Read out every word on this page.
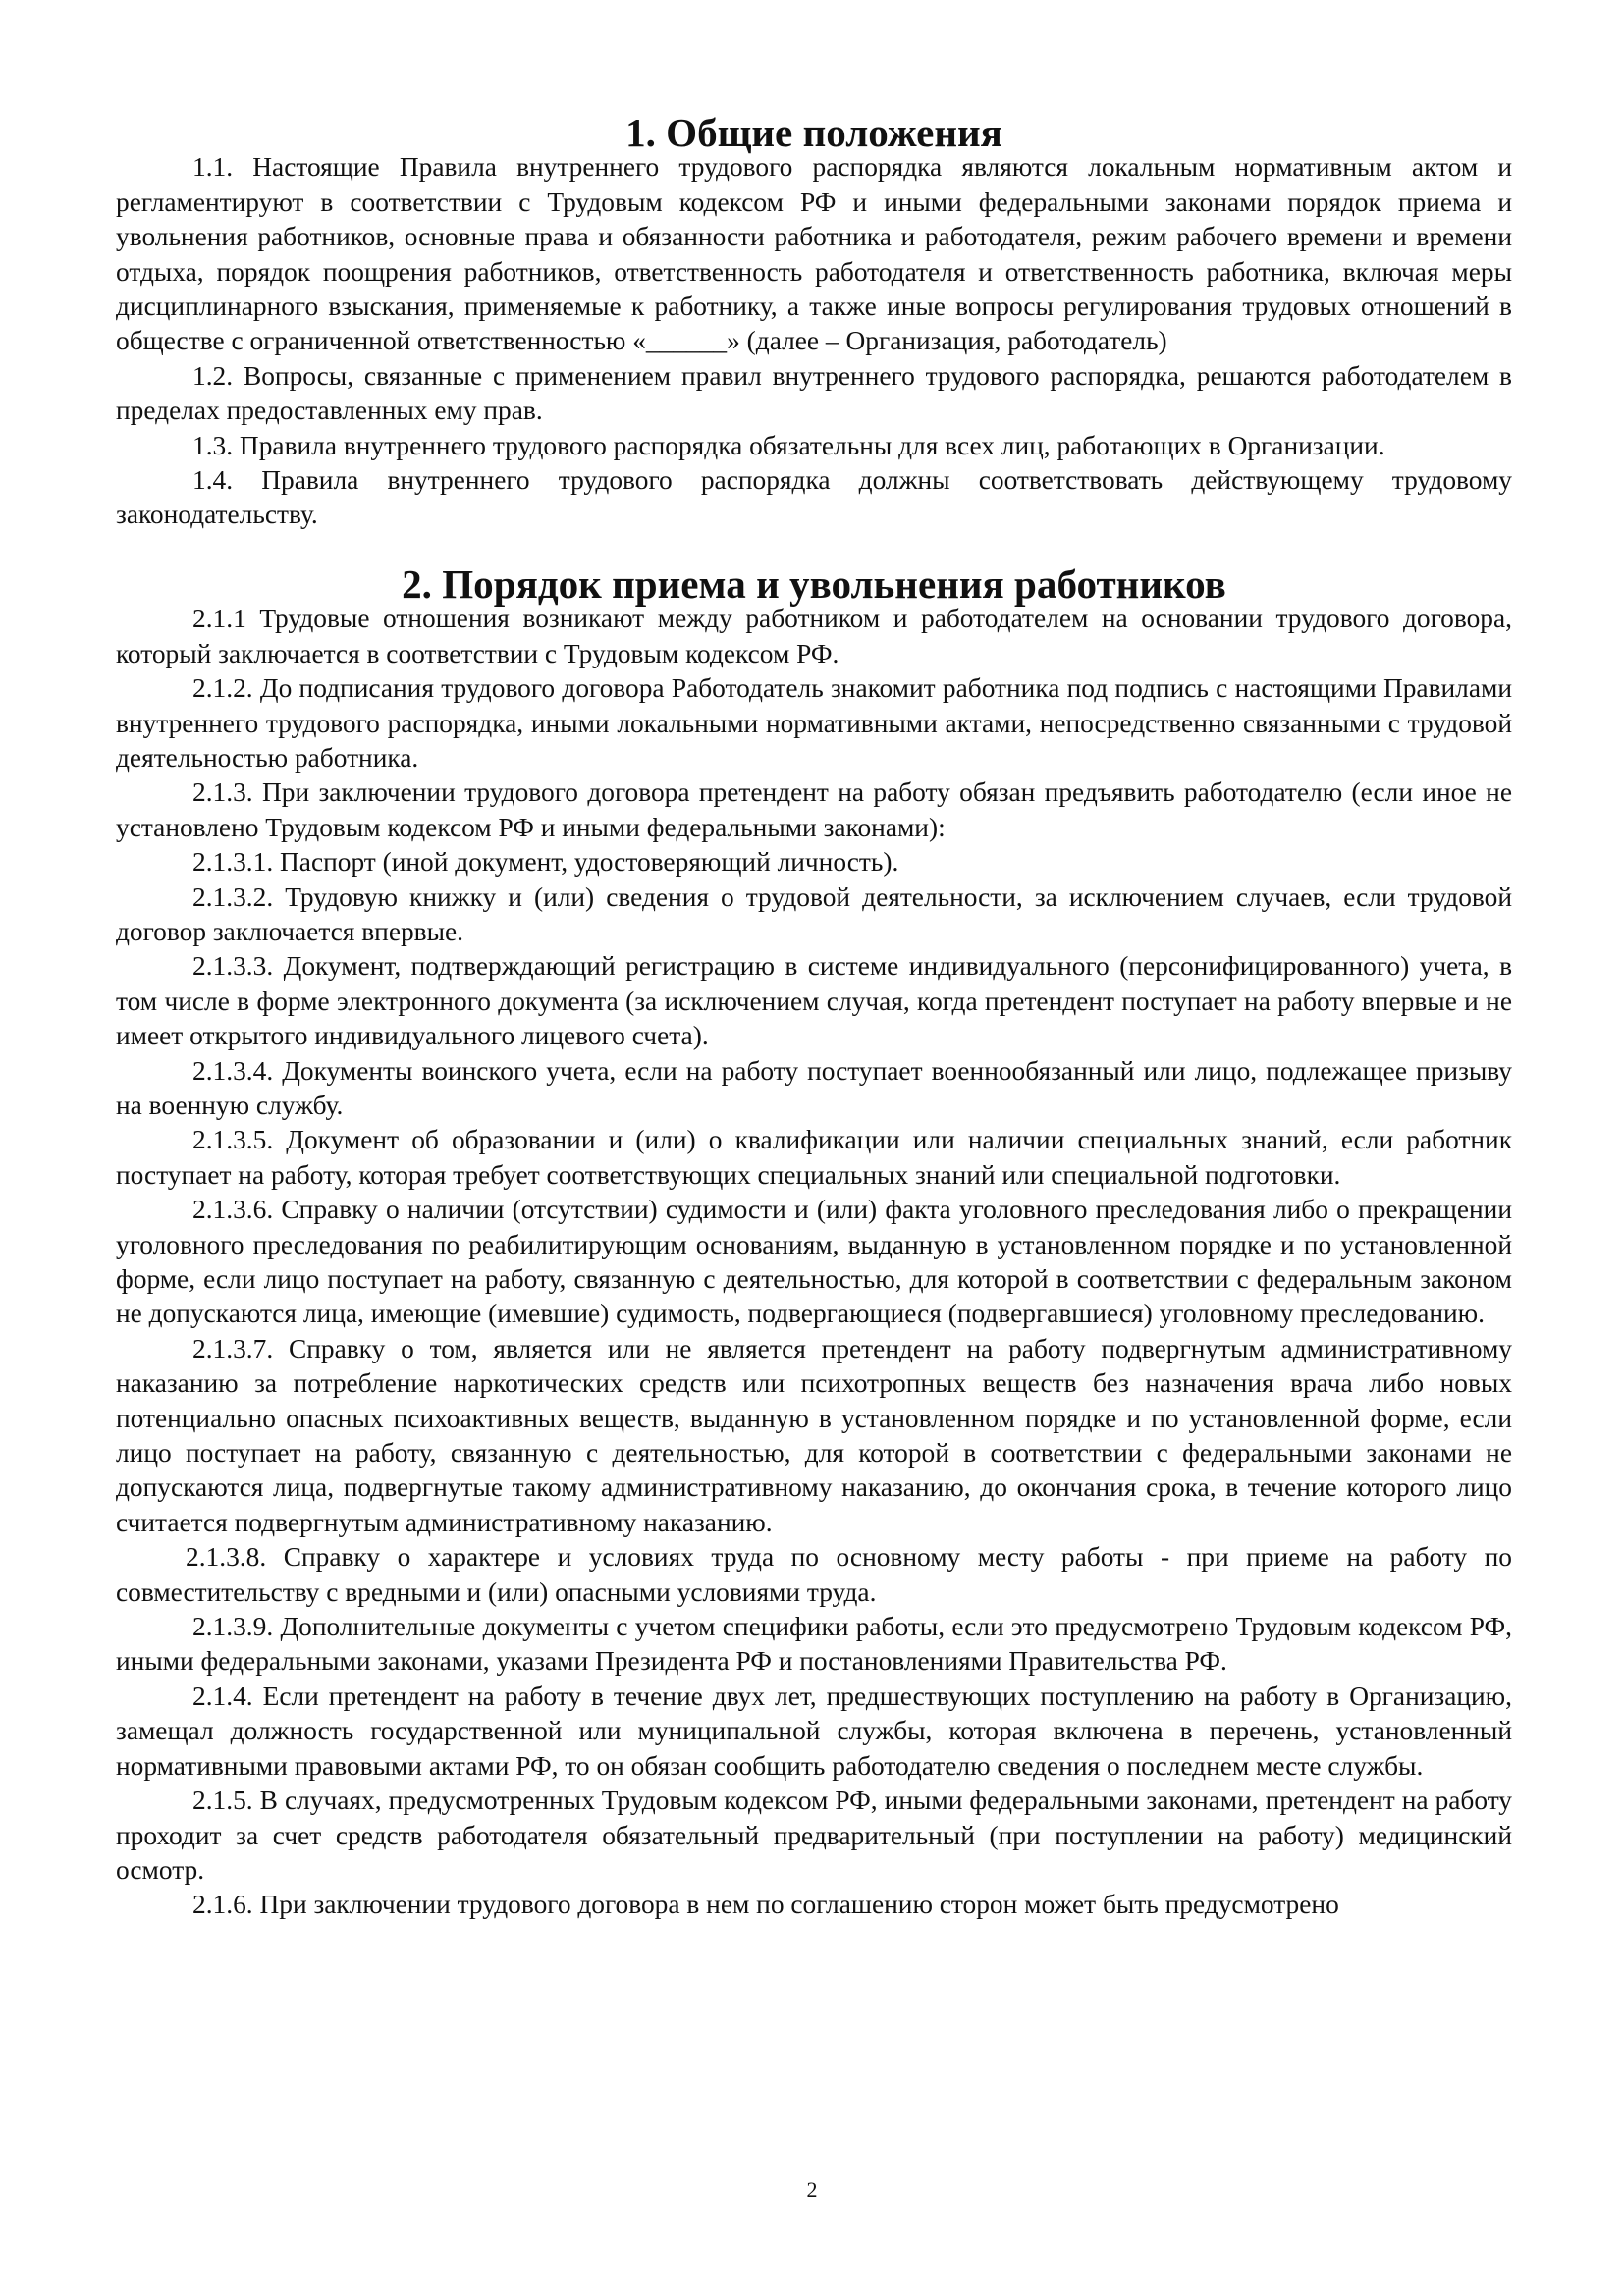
1. Общие положения

1.1. Настоящие Правила внутреннего трудового распорядка являются локальным нормативным актом и регламентируют в соответствии с Трудовым кодексом РФ и иными федеральными законами порядок приема и увольнения работников, основные права и обязанности работника и работодателя, режим рабочего времени и времени отдыха, порядок поощрения работников, ответственность работодателя и ответственность работника, включая меры дисциплинарного взыскания, применяемые к работнику, а также иные вопросы регулирования трудовых отношений в обществе с ограниченной ответственностью «______» (далее – Организация, работодатель)

1.2. Вопросы, связанные с применением правил внутреннего трудового распорядка, решаются работодателем в пределах предоставленных ему прав.

1.3. Правила внутреннего трудового распорядка обязательны для всех лиц, работающих в Организации.

1.4. Правила внутреннего трудового распорядка должны соответствовать действующему трудовому законодательству.

2. Порядок приема и увольнения работников

2.1.1 Трудовые отношения возникают между работником и работодателем на основании трудового договора, который заключается в соответствии с Трудовым кодексом РФ.

2.1.2. До подписания трудового договора Работодатель знакомит работника под подпись с настоящими Правилами внутреннего трудового распорядка, иными локальными нормативными актами, непосредственно связанными с трудовой деятельностью работника.

2.1.3. При заключении трудового договора претендент на работу обязан предъявить работодателю (если иное не установлено Трудовым кодексом РФ и иными федеральными законами):

2.1.3.1. Паспорт (иной документ, удостоверяющий личность).

2.1.3.2. Трудовую книжку и (или) сведения о трудовой деятельности, за исключением случаев, если трудовой договор заключается впервые.

2.1.3.3. Документ, подтверждающий регистрацию в системе индивидуального (персонифицированного) учета, в том числе в форме электронного документа (за исключением случая, когда претендент поступает на работу впервые и не имеет открытого индивидуального лицевого счета).

2.1.3.4. Документы воинского учета, если на работу поступает военнообязанный или лицо, подлежащее призыву на военную службу.

2.1.3.5. Документ об образовании и (или) о квалификации или наличии специальных знаний, если работник поступает на работу, которая требует соответствующих специальных знаний или специальной подготовки.

2.1.3.6. Справку о наличии (отсутствии) судимости и (или) факта уголовного преследования либо о прекращении уголовного преследования по реабилитирующим основаниям, выданную в установленном порядке и по установленной форме, если лицо поступает на работу, связанную с деятельностью, для которой в соответствии с федеральным законом не допускаются лица, имеющие (имевшие) судимость, подвергающиеся (подвергавшиеся) уголовному преследованию.

2.1.3.7. Справку о том, является или не является претендент на работу подвергнутым административному наказанию за потребление наркотических средств или психотропных веществ без назначения врача либо новых потенциально опасных психоактивных веществ, выданную в установленном порядке и по установленной форме, если лицо поступает на работу, связанную с деятельностью, для которой в соответствии с федеральными законами не допускаются лица, подвергнутые такому административному наказанию, до окончания срока, в течение которого лицо считается подвергнутым административному наказанию.

2.1.3.8. Справку о характере и условиях труда по основному месту работы - при приеме на работу по совместительству с вредными и (или) опасными условиями труда.

2.1.3.9. Дополнительные документы с учетом специфики работы, если это предусмотрено Трудовым кодексом РФ, иными федеральными законами, указами Президента РФ и постановлениями Правительства РФ.

2.1.4. Если претендент на работу в течение двух лет, предшествующих поступлению на работу в Организацию, замещал должность государственной или муниципальной службы, которая включена в перечень, установленный нормативными правовыми актами РФ, то он обязан сообщить работодателю сведения о последнем месте службы.

2.1.5. В случаях, предусмотренных Трудовым кодексом РФ, иными федеральными законами, претендент на работу проходит за счет средств работодателя обязательный предварительный (при поступлении на работу) медицинский осмотр.

2.1.6. При заключении трудового договора в нем по соглашению сторон может быть предусмотрено

2
